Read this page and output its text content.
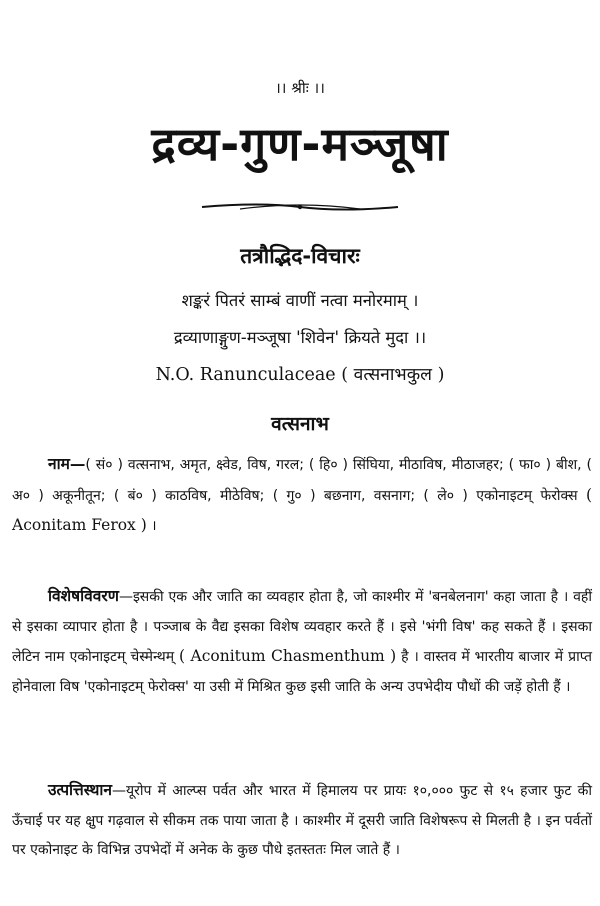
।। श्रीः ।।
द्रव्य-गुण-मञ्जूषा
तत्रौद्भिद-विचारः
शङ्करं पितरं साम्बं वाणीं नत्वा मनोरमाम् ।
द्रव्याणाङ्गुण-मञ्जूषा 'शिवेन' क्रियते मुदा ।।
N.O. Ranunculaceae ( वत्सनाभकुल )
वत्सनाभ
नाम—( सं० ) वत्सनाभ, अमृत, क्ष्वेड, विष, गरल; ( हि० ) सिंघिया, मीठाविष, मीठाजहर; ( फा० ) बीश, ( अ० ) अकूनीतून; ( बं० ) काठविष, मीठेविष; ( गु० ) बछनाग, वसनाग; ( ले० ) एकोनाइटम् फेरोक्स ( Aconitam Ferox ) ।
विशेषविवरण—इसकी एक और जाति का व्यवहार होता है, जो काश्मीर में 'बनबेलनाग' कहा जाता है । वहीं से इसका व्यापार होता है । पञ्जाब के वैद्य इसका विशेष व्यवहार करते हैं । इसे 'भंगी विष' कह सकते हैं । इसका लेटिन नाम एकोनाइटम् चेस्मेन्थम् ( Aconitum Chasmenthum ) है । वास्तव में भारतीय बाजार में प्राप्त होनेवाला विष 'एकोनाइटम् फेरोक्स' या उसी में मिश्रित कुछ इसी जाति के अन्य उपभेदीय पौधों की जड़ें होती हैं ।
उत्पत्तिस्थान—यूरोप में आल्प्स पर्वत और भारत में हिमालय पर प्रायः १०,००० फुट से १५ हजार फुट की ऊँचाई पर यह क्षुप गढ़वाल से सीकम तक पाया जाता है । काश्मीर में दूसरी जाति विशेषरूप से मिलती है । इन पर्वतों पर एकोनाइट के विभिन्न उपभेदों में अनेक के कुछ पौधे इतस्ततः मिल जाते हैं ।
